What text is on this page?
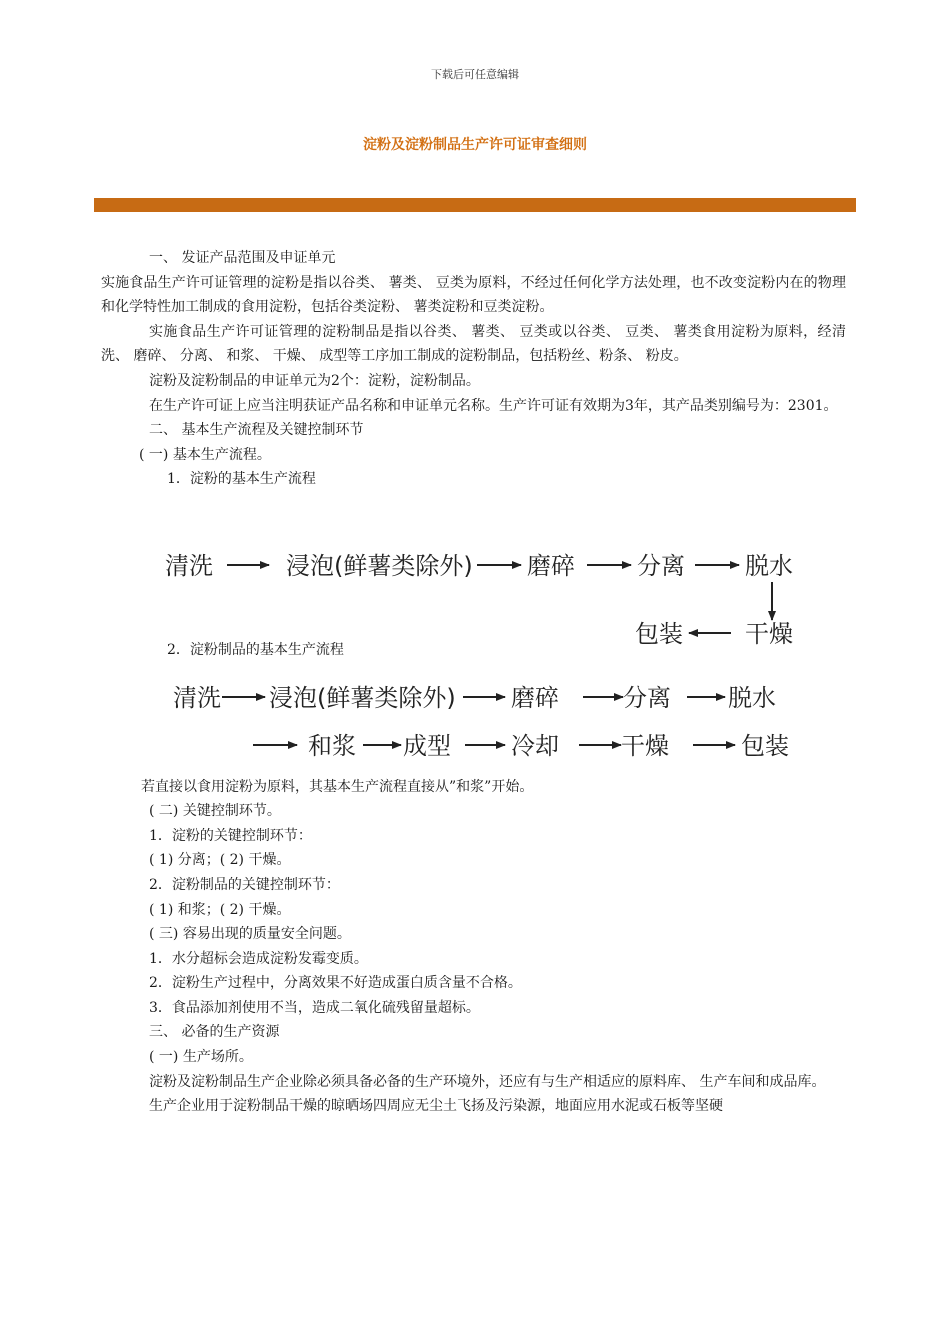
下载后可任意编辑
淀粉及淀粉制品生产许可证审查细则

一、 发证产品范围及申证单元

实施食品生产许可证管理的淀粉是指以谷类、 薯类、 豆类为原料，不经过任何化学方法处理，也不改变淀粉内在的物理和化学特性加工制成的食用淀粉，包括谷类淀粉、 薯类淀粉和豆类淀粉。

实施食品生产许可证管理的淀粉制品是指以谷类、 薯类、 豆类或以谷类、 豆类、 薯类食用淀粉为原料，经清洗、 磨碎、 分离、 和浆、 干燥、 成型等工序加工制成的淀粉制品，包括粉丝、粉条、 粉皮。

淀粉及淀粉制品的申证单元为2个：淀粉，淀粉制品。

在生产许可证上应当注明获证产品名称和申证单元名称。生产许可证有效期为3年，其产品类别编号为：2301。

二、 基本生产流程及关键控制环节

( 一) 基本生产流程。

1．淀粉的基本生产流程

清洗	浸泡(鲜薯类除外) 磨碎	分离	脱水
干燥
包装

2．淀粉制品的基本生产流程

清洗 浸泡(鲜薯类除外) 磨碎	分离 脱水
和浆 成型	冷却	干燥	包装

若直接以食用淀粉为原料，其基本生产流程直接从”和浆”开始。

( 二) 关键控制环节。

1．淀粉的关键控制环节：

( 1) 分离；( 2) 干燥。

2．淀粉制品的关键控制环节：

( 1) 和浆；( 2) 干燥。

( 三) 容易出现的质量安全问题。

1．水分超标会造成淀粉发霉变质。

2．淀粉生产过程中，分离效果不好造成蛋白质含量不合格。

3．食品添加剂使用不当，造成二氧化硫残留量超标。

三、 必备的生产资源

( 一) 生产场所。

淀粉及淀粉制品生产企业除必须具备必备的生产环境外，还应有与生产相适应的原料库、 生产车间和成品库。

生产企业用于淀粉制品干燥的晾晒场四周应无尘土飞扬及污染源，地面应用水泥或石板等坚硬
